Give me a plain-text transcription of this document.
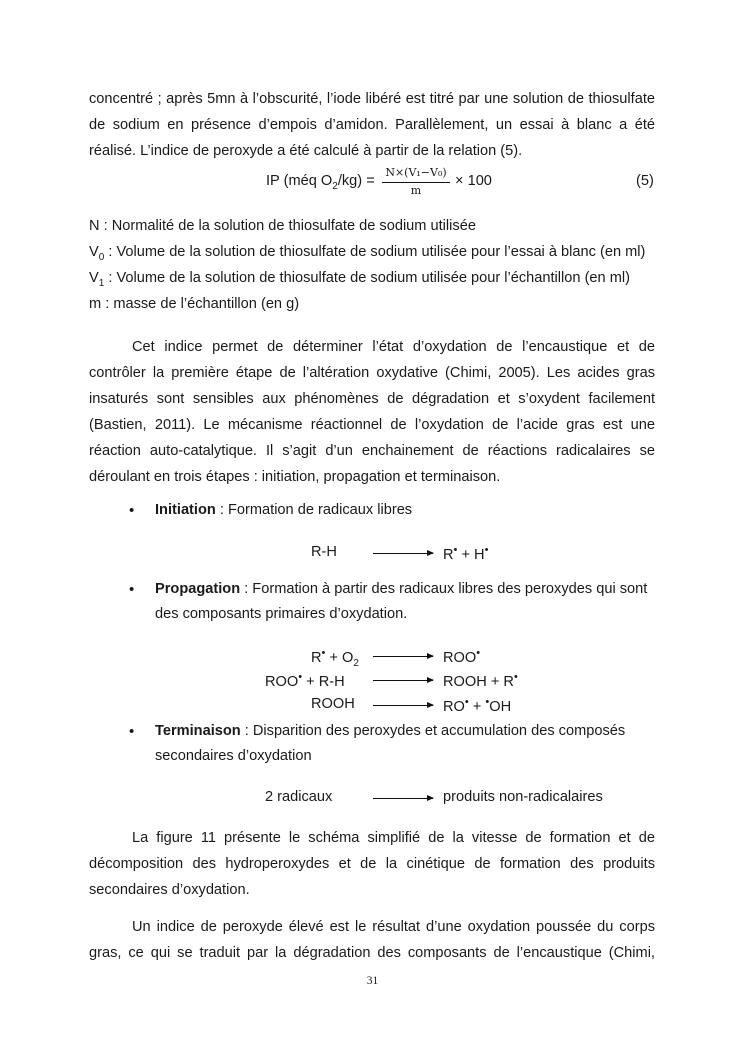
concentré ; après 5mn à l’obscurité, l’iode libéré est titré par une solution de thiosulfate
de sodium en présence d’empois d’amidon. Parallèlement, un essai à blanc a été
réalisé. L’indice de peroxyde a été calculé à partir de la relation (5).
IP (méq $O_2/kg$) =
N×(V₁−V₀)
m
× 100	(5)
N : Normalité de la solution de thiosulfate de sodium utilisée
$V_0$ : Volume de la solution de thiosulfate de sodium utilisée pour l’essai à blanc (en ml)
$V_1$ : Volume de la solution de thiosulfate de sodium utilisée pour l’échantillon (en ml)
m : masse de l’échantillon (en g)
Cet indice permet de déterminer l’état d’oxydation de l’encaustique et de
contrôler la première étape de l’altération oxydative (Chimi, 2005). Les acides gras
insaturés sont sensibles aux phénomènes de dégradation et s’oxydent facilement
(Bastien, 2011). Le mécanisme réactionnel de l’oxydation de l’acide gras est une
réaction auto-catalytique. Il s’agit d’un enchainement de réactions radicalaires se
déroulant en trois étapes : initiation, propagation et terminaison.
• Initiation : Formation de radicaux libres
R-H	R• + H•
• Propagation : Formation à partir des radicaux libres des peroxydes qui sont
des composants primaires d’oxydation.
$R^• + O_2$	ROO•
ROO• + R-H	ROOH + R•
ROOH	RO• + •OH
• Terminaison : Disparition des peroxydes et accumulation des composés
secondaires d’oxydation
2 radicaux	produits non-radicalaires
La figure 11 présente le schéma simplifié de la vitesse de formation et de
décomposition des hydroperoxydes et de la cinétique de formation des produits
secondaires d’oxydation.
Un indice de peroxyde élevé est le résultat d’une oxydation poussée du corps
gras, ce qui se traduit par la dégradation des composants de l’encaustique (Chimi,
31
